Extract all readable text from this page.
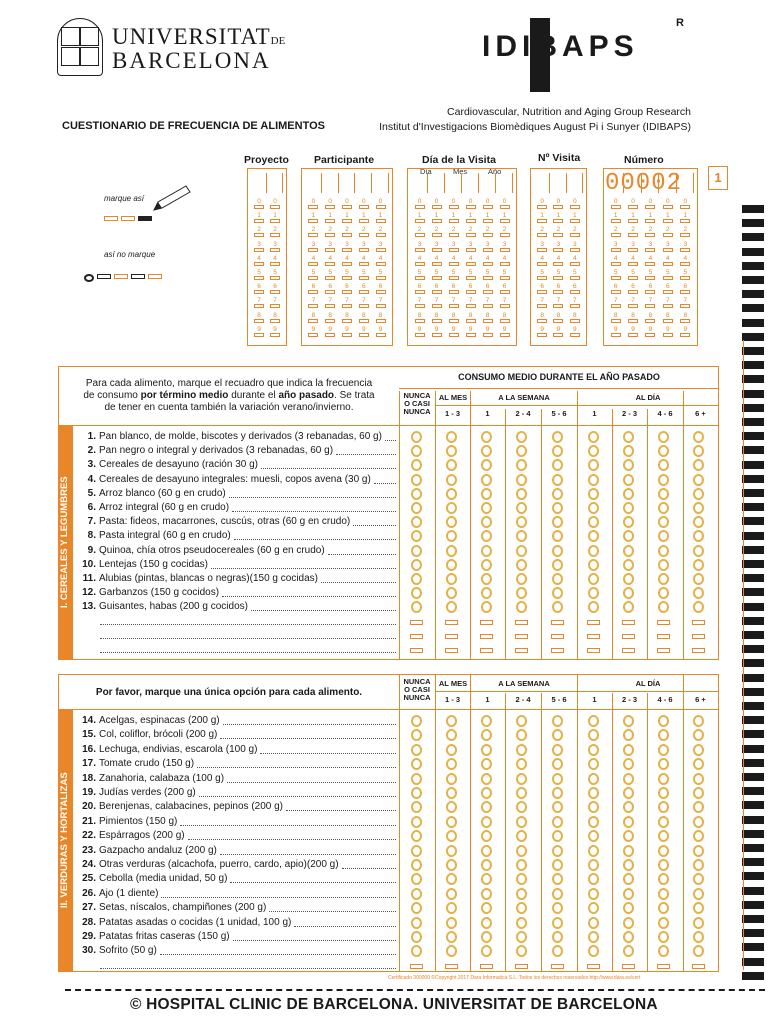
UNIVERSITATDE
BARCELONA	IDIBAPS
R
Cardiovascular, Nutrition and Aging Group Research
Institut d'Investigacions Biomèdiques August Pi i Sunyer (IDIBAPS)
CUESTIONARIO DE FRECUENCIA DE ALIMENTOS
marque así
así no marque
Proyecto Participante	Día de la Visita
Día	Mes	Año
Nº Visita	Número
0	0
1	1
2	2
3	3
4	4
5	5
6	6
7	7
8	8
9	9
0	0	0	0	0
1	1	1	1	1
2	2	2	2	2
3	3	3	3	3
4	4	4	4	4
5	5	5	5	5
6	6	6	6	6
7	7	7	7	7
8	8	8	8	8
9	9	9	9	9
0	0	0	0	0	0
1	1	1	1	1	1
2	2	2	2	2	2
3	3	3	3	3	3
4	4	4	4	4	4
5	5	5	5	5	5
6	6	6	6	6	6
7	7	7	7	7	7
8	8	8	8	8	8
9	9	9	9	9	9
0	0	0
1	1	1
2	2	2
3	3	3
4	4	4
5	5	5
6	6	6
7	7	7
8	8	8
9	9	9
0	0	0	0	0
1	1	1	1	1
2	2	2	2	2
3	3	3	3	3
4	4	4	4	4
5	5	5	5	5
6	6	6	6	6
7	7	7	7	7
8	8	8	8	8
9	9	9	9	9
00002	1
Para cada alimento, marque el recuadro que indica la frecuencia
de consumo por término medio durante el año pasado. Se trata
de tener en cuenta también la variación verano/invierno.
CONSUMO MEDIO DURANTE EL AÑO PASADO
I. CEREALES Y LEGUMBRES
NUNCA O CASI NUNCA
AL MES	A LA SEMANA	AL DÍA
1 - 3	1	2 - 4	5 - 6	1	2 - 3	4 - 6	6 +
1. Pan blanco, de molde, biscotes y derivados (3 rebanadas, 60 g)
2. Pan negro o integral y derivados (3 rebanadas, 60 g)
3. Cereales de desayuno (ración 30 g)
4. Cereales de desayuno integrales: muesli, copos avena (30 g)
5. Arroz blanco (60 g en crudo)
6. Arroz integral (60 g en crudo)
7. Pasta: fideos, macarrones, cuscús, otras (60 g en crudo)
8. Pasta integral (60 g en crudo)
9. Quinoa, chía otros pseudocereales (60 g en crudo)
10. Lentejas (150 g cocidas)
11. Alubias (pintas, blancas o negras)(150 g cocidas)
12. Garbanzos (150 g cocidos)
13. Guisantes, habas (200 g cocidos)
Por favor, marque una única opción para cada alimento.
II. VERDURAS Y HORTALIZAS
NUNCA O CASI NUNCA
AL MES	A LA SEMANA	AL DÍA
1 - 3	1	2 - 4	5 - 6	1	2 - 3	4 - 6	6 +
14. Acelgas, espinacas (200 g)
15. Col, coliflor, brócoli (200 g)
16. Lechuga, endivias, escarola (100 g)
17. Tomate crudo (150 g)
18. Zanahoria, calabaza (100 g)
19. Judías verdes (200 g)
20. Berenjenas, calabacines, pepinos (200 g)
21. Pimientos (150 g)
22. Espárragos (200 g)
23. Gazpacho andaluz (200 g)
24. Otras verduras (alcachofa, puerro, cardo, apio)(200 g)
25. Cebolla (media unidad, 50 g)
26. Ajo (1 diente)
27. Setas, níscalos, champiñones (200 g)
28. Patatas asadas o cocidas (1 unidad, 100 g)
29. Patatas fritas caseras (150 g)
30. Sofrito (50 g)
Certificado 300000 ©Copyright 2017 Dara Informatica S.L. Todos los derechos reservados http://www.dara.es/cert
© HOSPITAL CLINIC DE BARCELONA. UNIVERSITAT DE BARCELONA
